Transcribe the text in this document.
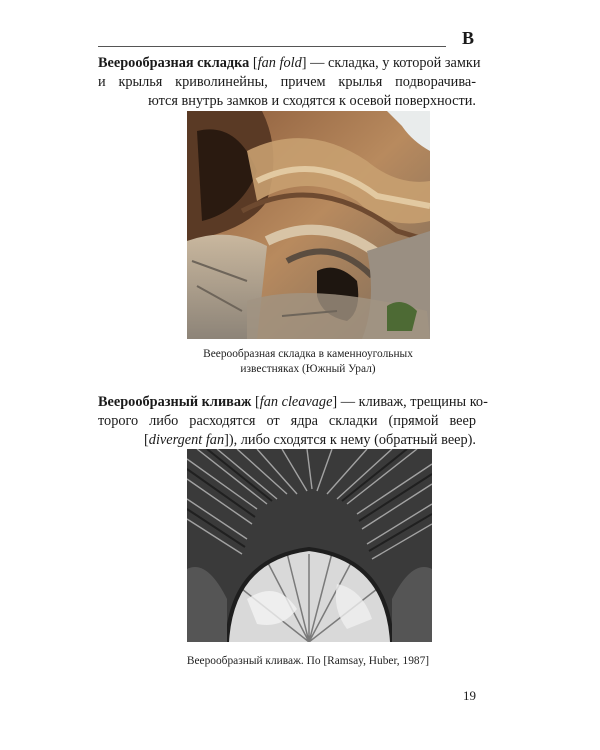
В
Веерообразная складка [fan fold] — складка, у которой замки
и крылья криволинейны, причем крылья подворачива-
ются внутрь замков и сходятся к осевой поверхности.
Веерообразная складка в каменноугольных
известняках (Южный Урал)
Веерообразный кливаж [fan cleavage] — кливаж, трещины ко-
торого либо расходятся от ядра складки (прямой веер
[divergent fan]), либо сходятся к нему (обратный веер).
Веерообразный кливаж. По [Ramsay, Huber, 1987]
19
